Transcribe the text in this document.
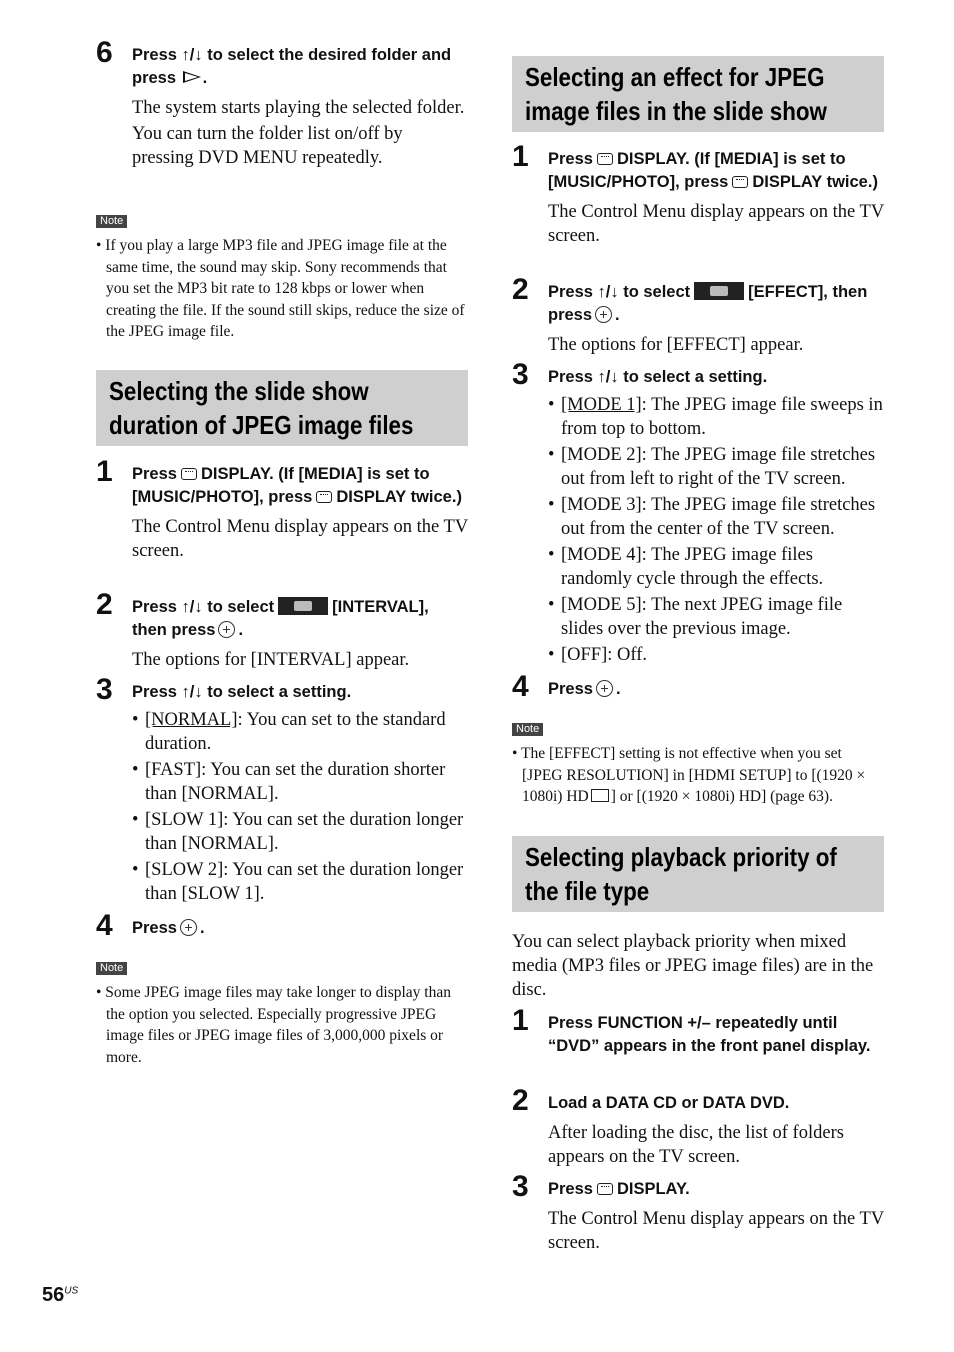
6 Press ↑/↓ to select the desired folder and press .

The system starts playing the selected folder.

You can turn the folder list on/off by pressing DVD MENU repeatedly.

Note
• If you play a large MP3 file and JPEG image file at the same time, the sound may skip. Sony recommends that you set the MP3 bit rate to 128 kbps or lower when creating the file. If the sound still skips, reduce the size of the JPEG image file.
Selecting the slide show
duration of JPEG image files
1 Press DISPLAY. (If [MEDIA] is set to [MUSIC/PHOTO], press DISPLAY twice.)

The Control Menu display appears on the TV screen.

2 Press ↑/↓ to select	[INTERVAL], then press .

The options for [INTERVAL] appear.

3 Press ↑/↓ to select a setting.
• [NORMAL]: You can set to the standard duration.
• [FAST]: You can set the duration shorter than [NORMAL].
• [SLOW 1]: You can set the duration longer than [NORMAL].
• [SLOW 2]: You can set the duration longer than [SLOW 1].
4 Press .
Note
• Some JPEG image files may take longer to display than the option you selected. Especially progressive JPEG image files or JPEG image files of 3,000,000 pixels or more.
Selecting an effect for JPEG
image files in the slide show
1 Press DISPLAY. (If [MEDIA] is set to [MUSIC/PHOTO], press DISPLAY twice.)

The Control Menu display appears on the TV screen.

2 Press ↑/↓ to select	[EFFECT], then press .

The options for [EFFECT] appear.

3 Press ↑/↓ to select a setting.
• [MODE 1]: The JPEG image file sweeps in from top to bottom.
• [MODE 2]: The JPEG image file stretches out from left to right of the TV screen.
• [MODE 3]: The JPEG image file stretches out from the center of the TV screen.
• [MODE 4]: The JPEG image files randomly cycle through the effects.
• [MODE 5]: The next JPEG image file slides over the previous image.
• [OFF]: Off.
4 Press .
Note
• The [EFFECT] setting is not effective when you set [JPEG RESOLUTION] in [HDMI SETUP] to [(1920 × 1080i) HD ] or [(1920 × 1080i) HD] (page 63).
Selecting playback priority of
the file type
You can select playback priority when mixed media (MP3 files or JPEG image files) are in the disc.
1 Press FUNCTION +/– repeatedly until “DVD” appears in the front panel display.
2 Load a DATA CD or DATA DVD.

After loading the disc, the list of folders appears on the TV screen.

3 Press DISPLAY.

The Control Menu display appears on the TV screen.

$56^{US}$
